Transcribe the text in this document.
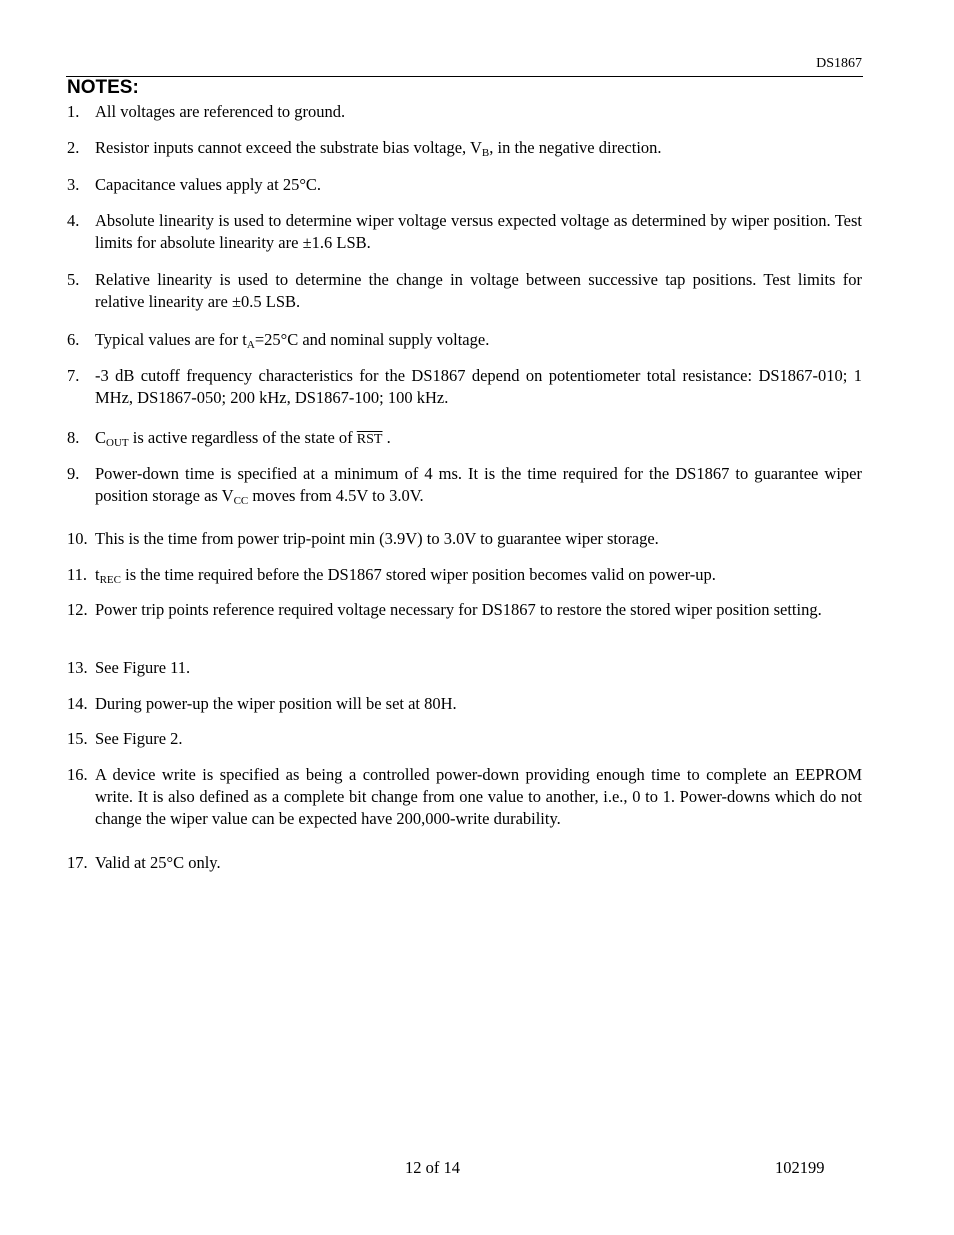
DS1867
NOTES:
1. All voltages are referenced to ground.
2. Resistor inputs cannot exceed the substrate bias voltage, $V_B$, in the negative direction.
3. Capacitance values apply at 25°C.
4. Absolute linearity is used to determine wiper voltage versus expected voltage as determined by wiper position. Test limits for absolute linearity are ±1.6 LSB.
5. Relative linearity is used to determine the change in voltage between successive tap positions. Test limits for relative linearity are ±0.5 LSB.
6. Typical values are for $t_A=25^\circ C$ and nominal supply voltage.
7. -3 dB cutoff frequency characteristics for the DS1867 depend on potentiometer total resistance: DS1867-010; 1 MHz, DS1867-050; 200 kHz, DS1867-100; 100 kHz.
8. $C_{OUT}$ is active regardless of the state of $\overline{RST}$ .
9. Power-down time is specified at a minimum of 4 ms. It is the time required for the DS1867 to guarantee wiper position storage as $V_{CC}$ moves from 4.5V to 3.0V.
10. This is the time from power trip-point min (3.9V) to 3.0V to guarantee wiper storage.
11. $t_{REC}$ is the time required before the DS1867 stored wiper position becomes valid on power-up.
12. Power trip points reference required voltage necessary for DS1867 to restore the stored wiper position setting.
13. See Figure 11.
14. During power-up the wiper position will be set at 80H.
15. See Figure 2.
16. A device write is specified as being a controlled power-down providing enough time to complete an EEPROM write. It is also defined as a complete bit change from one value to another, i.e., 0 to 1. Power-downs which do not change the wiper value can be expected have 200,000-write durability.
17. Valid at 25°C only.
12 of 14	102199
